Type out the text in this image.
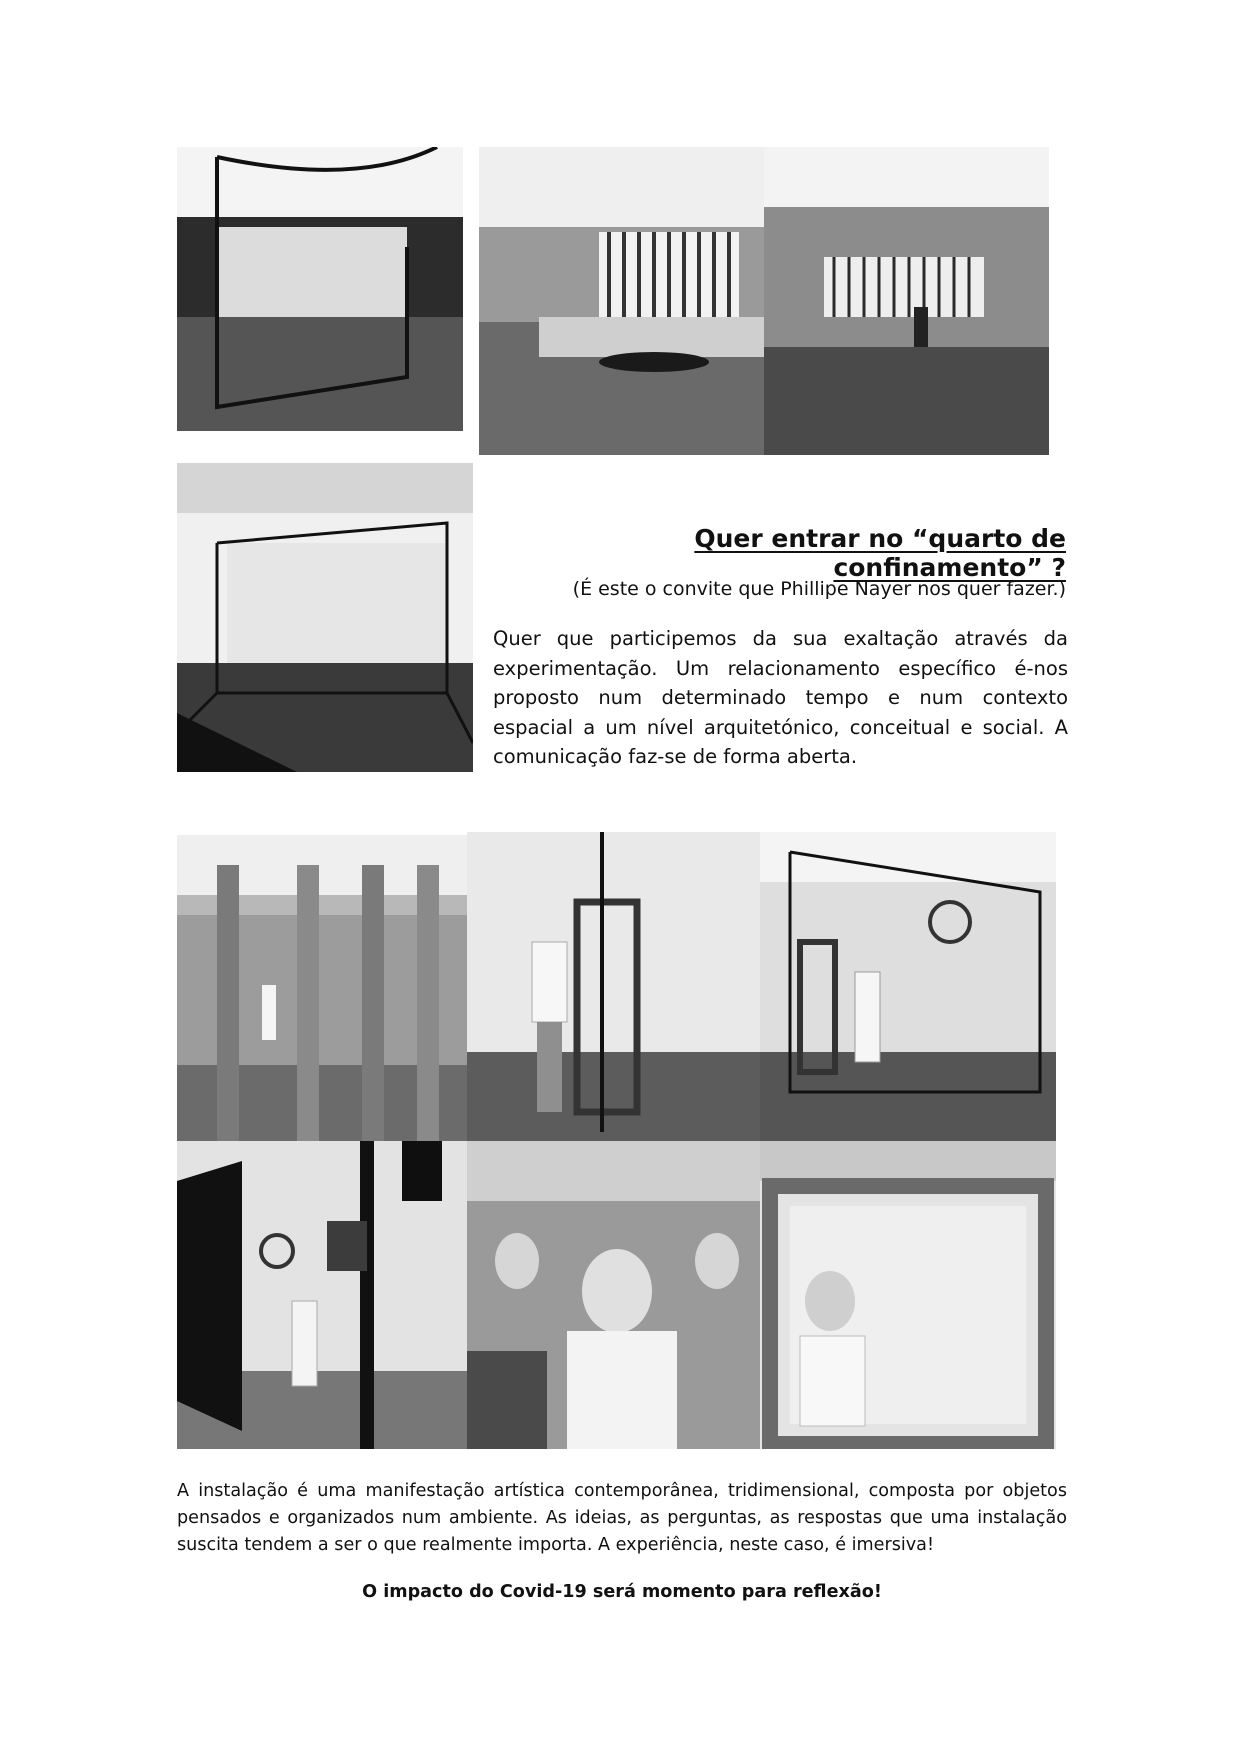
Quer entrar no “quarto de confinamento” ?
(É este o convite que Phillipe Nayer nos quer fazer.)
Quer que participemos da sua exaltação através da experimentação. Um relacionamento específico é-nos proposto num determinado tempo e num contexto espacial a um nível arquitetónico, conceitual e social. A comunicação faz-se de forma aberta.
A instalação é uma manifestação artística contemporânea, tridimensional, composta por objetos pensados e organizados num ambiente. As ideias, as perguntas, as respostas que uma instalação suscita tendem a ser o que realmente importa. A experiência, neste caso, é imersiva!
O impacto do Covid-19 será momento para reflexão!
